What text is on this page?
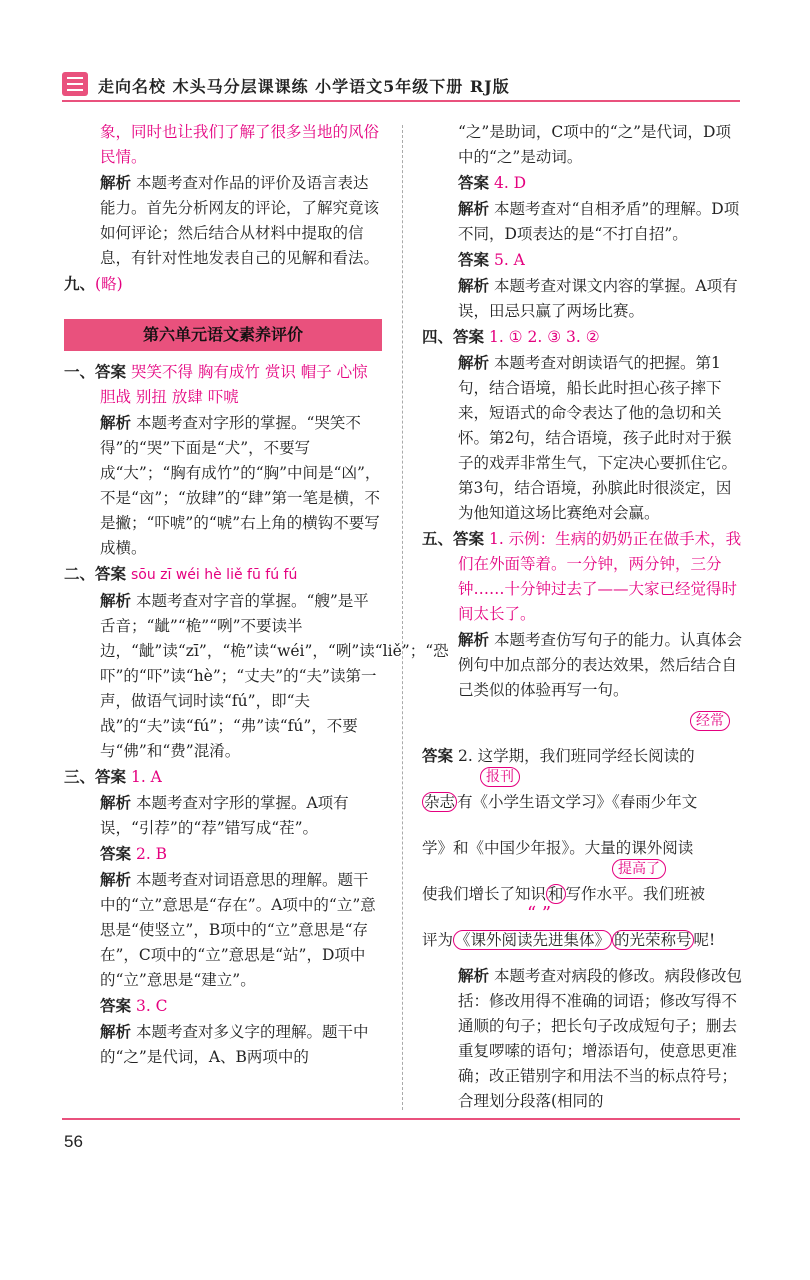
走向名校 木头马分层课课练 小学语文5年级下册 RJ版

象，同时也让我们了解了很多当地的风俗民情。

解析 本题考查对作品的评价及语言表达能力。首先分析网友的评论，了解究竟该如何评论；然后结合从材料中提取的信息，有针对性地发表自己的见解和看法。

九、(略)

第六单元语文素养评价

一、答案 哭笑不得 胸有成竹 赏识 帽子 心惊胆战 别扭 放肆 吓唬

解析 本题考查对字形的掌握。“哭笑不得”的“哭”下面是“犬”，不要写成“大”；“胸有成竹”的“胸”中间是“凶”，不是“㐫”；“放肆”的“肆”第一笔是横，不是撇；“吓唬”的“唬”右上角的横钩不要写成横。

二、答案 sōu zī wéi hè liě fū fú fú

解析 本题考查对字音的掌握。“艘”是平舌音；“龇”“桅”“咧”不要读半边，“龇”读“zī”，“桅”读“wéi”，“咧”读“liě”；“恐吓”的“吓”读“hè”；“丈夫”的“夫”读第一声，做语气词时读“fú”，即“夫战”的“夫”读“fú”；“弗”读“fú”，不要与“佛”和“费”混淆。

三、答案 1. A

解析 本题考查对字形的掌握。A项有误，“引荐”的“荐”错写成“茬”。

答案 2. B

解析 本题考查对词语意思的理解。题干中的“立”意思是“存在”。A项中的“立”意思是“使竖立”，B项中的“立”意思是“存在”，C项中的“立”意思是“站”，D项中的“立”意思是“建立”。

答案 3. C

解析 本题考查对多义字的理解。题干中的“之”是代词，A、B两项中的

“之”是助词，C项中的“之”是代词，D项中的“之”是动词。

答案 4. D

解析 本题考查对“自相矛盾”的理解。D项不同，D项表达的是“不打自招”。

答案 5. A

解析 本题考查对课文内容的掌握。A项有误，田忌只赢了两场比赛。

四、答案 1. ① 2. ③ 3. ②

解析 本题考查对朗读语气的把握。第1句，结合语境，船长此时担心孩子摔下来，短语式的命令表达了他的急切和关怀。第2句，结合语境，孩子此时对于猴子的戏弄非常生气，下定决心要抓住它。第3句，结合语境，孙膑此时很淡定，因为他知道这场比赛绝对会赢。

五、答案 1. 示例：生病的奶奶正在做手术，我们在外面等着。一分钟，两分钟，三分钟……十分钟过去了——大家已经觉得时间太长了。

解析 本题考查仿写句子的能力。认真体会例句中加点部分的表达效果，然后结合自己类似的体验再写一句。

经常

答案 2. 这学期，我们班同学经长阅读的

报刊

杂志 有《小学生语文学习》《春雨少年文

学》和《中国少年报》。大量的课外阅读

提高了

使我们增长了知识 和 写作水平。我们班被

“ ”

评为 《课外阅读先进集体》 的光荣称号 呢!

解析 本题考查对病段的修改。病段修改包括：修改用得不准确的词语；修改写得不通顺的句子；把长句子改成短句子；删去重复啰嗦的语句；增添语句，使意思更准确；改正错别字和用法不当的标点符号；合理划分段落(相同的

56
